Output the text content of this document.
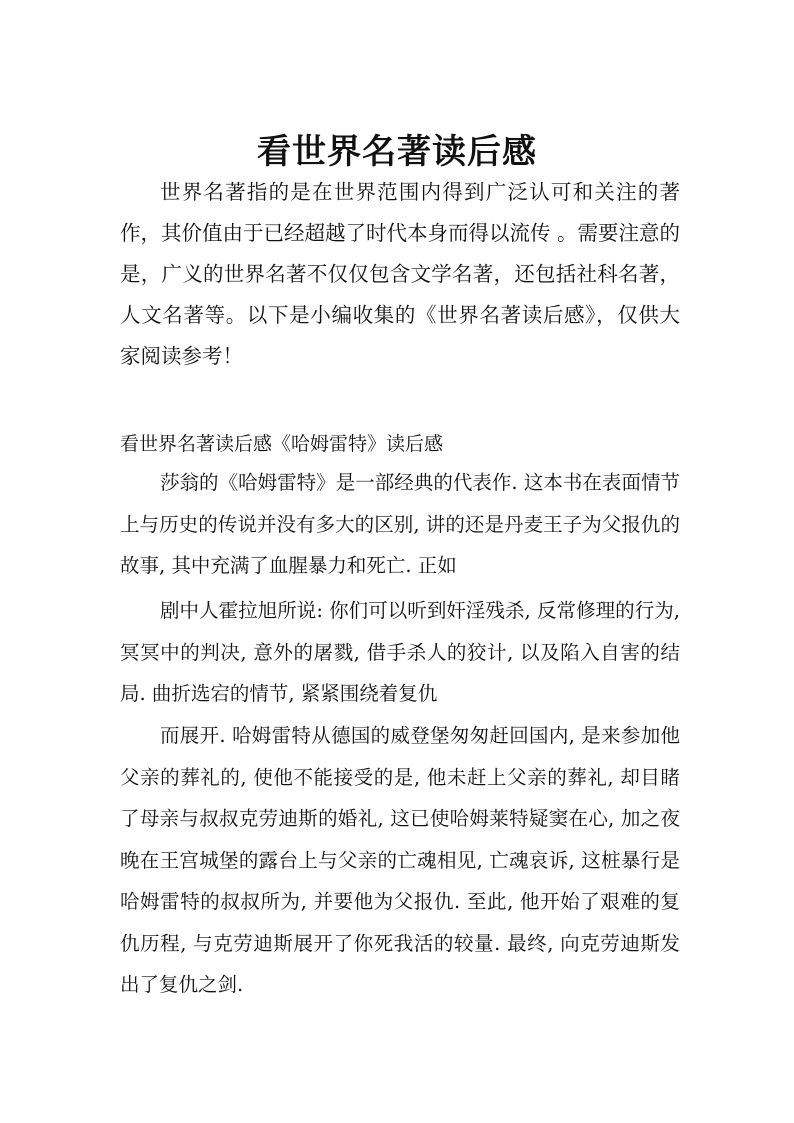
看世界名著读后感

世界名著指的是在世界范围内得到广泛认可和关注的著作，其价值由于已经超越了时代本身而得以流传 。需要注意的是，广义的世界名著不仅仅包含文学名著，还包括社科名著，人文名著等。以下是小编收集的《世界名著读后感》，仅供大家阅读参考！

看世界名著读后感《哈姆雷特》读后感

莎翁的《哈姆雷特》是一部经典的代表作. 这本书在表面情节上与历史的传说并没有多大的区别, 讲的还是丹麦王子为父报仇的故事, 其中充满了血腥暴力和死亡. 正如

剧中人霍拉旭所说: 你们可以听到奸淫残杀, 反常修理的行为, 冥冥中的判决, 意外的屠戮, 借手杀人的狡计, 以及陷入自害的结局. 曲折选宕的情节, 紧紧围绕着复仇

而展开. 哈姆雷特从德国的威登堡匆匆赶回国内, 是来参加他父亲的葬礼的, 使他不能接受的是, 他未赶上父亲的葬礼, 却目睹了母亲与叔叔克劳迪斯的婚礼, 这已使哈姆莱特疑窦在心, 加之夜晚在王宫城堡的露台上与父亲的亡魂相见, 亡魂哀诉, 这桩暴行是哈姆雷特的叔叔所为, 并要他为父报仇. 至此, 他开始了艰难的复仇历程, 与克劳迪斯展开了你死我活的较量. 最终, 向克劳迪斯发出了复仇之剑.
